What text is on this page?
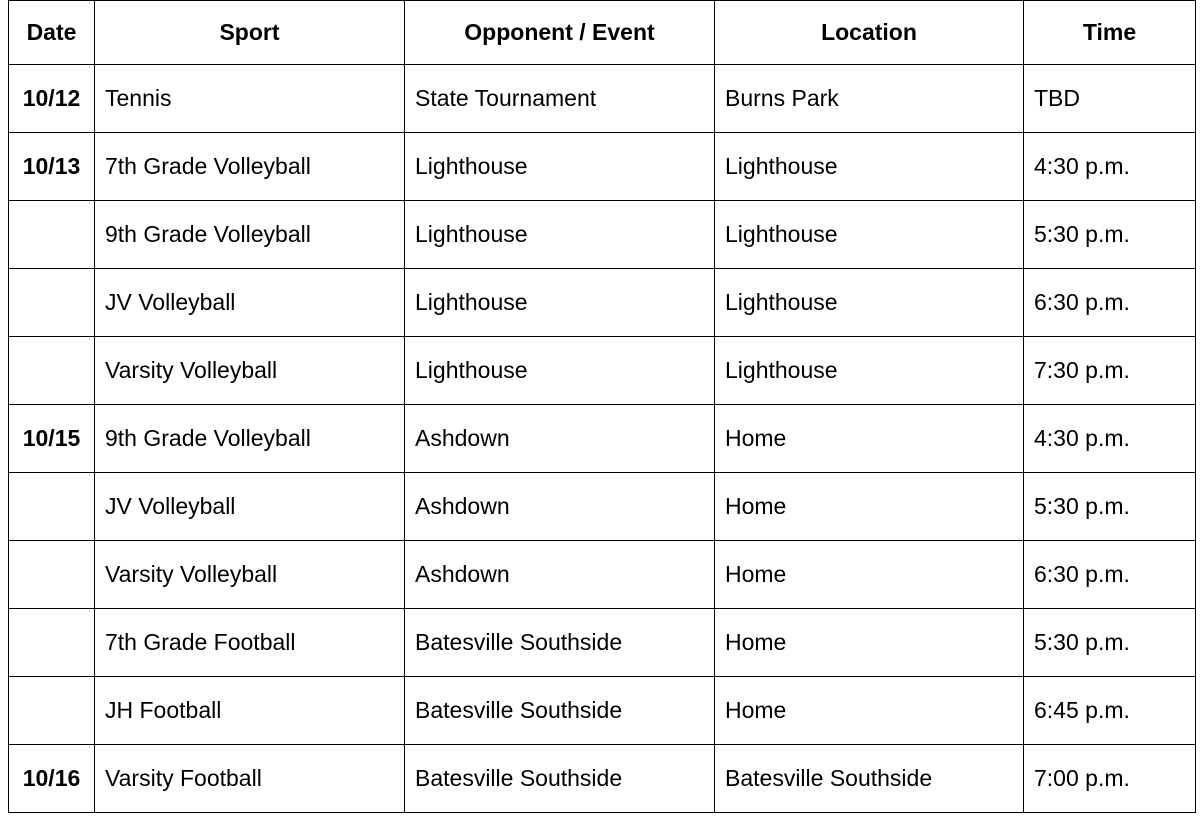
Date	Sport	Opponent / Event	Location	Time
10/12	Tennis	State Tournament	Burns Park	TBD
10/13	7th Grade Volleyball	Lighthouse	Lighthouse	4:30 p.m.
	9th Grade Volleyball	Lighthouse	Lighthouse	5:30 p.m.
	JV Volleyball	Lighthouse	Lighthouse	6:30 p.m.
	Varsity Volleyball	Lighthouse	Lighthouse	7:30 p.m.
10/15	9th Grade Volleyball	Ashdown	Home	4:30 p.m.
	JV Volleyball	Ashdown	Home	5:30 p.m.
	Varsity Volleyball	Ashdown	Home	6:30 p.m.
	7th Grade Football	Batesville Southside	Home	5:30 p.m.
	JH Football	Batesville Southside	Home	6:45 p.m.
10/16	Varsity Football	Batesville Southside	Batesville Southside	7:00 p.m.
